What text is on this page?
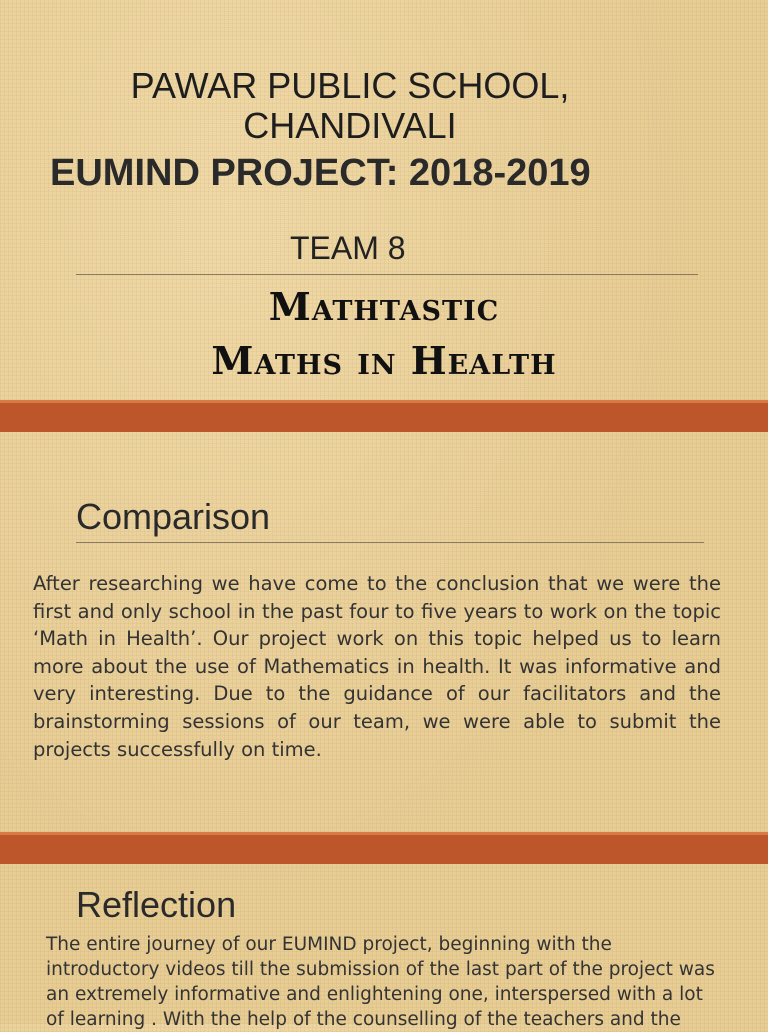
PAWAR PUBLIC SCHOOL,
CHANDIVALI
EUMIND PROJECT: 2018-2019
TEAM 8
Mathtastic
Maths in Health
Comparison

After researching we have come to the conclusion that we were the first and only school in the past four to five years to work on the topic ‘Math in Health’. Our project work on this topic helped us to learn more about the use of Mathematics in health. It was informative and very interesting. Due to the guidance of our facilitators and the brainstorming sessions of our team, we were able to submit the projects successfully on time.

Reflection

The entire journey of our EUMIND project, beginning with the introductory videos till the submission of the last part of the project was an extremely informative and enlightening one, interspersed with a lot of learning . With the help of the counselling of the teachers and the
